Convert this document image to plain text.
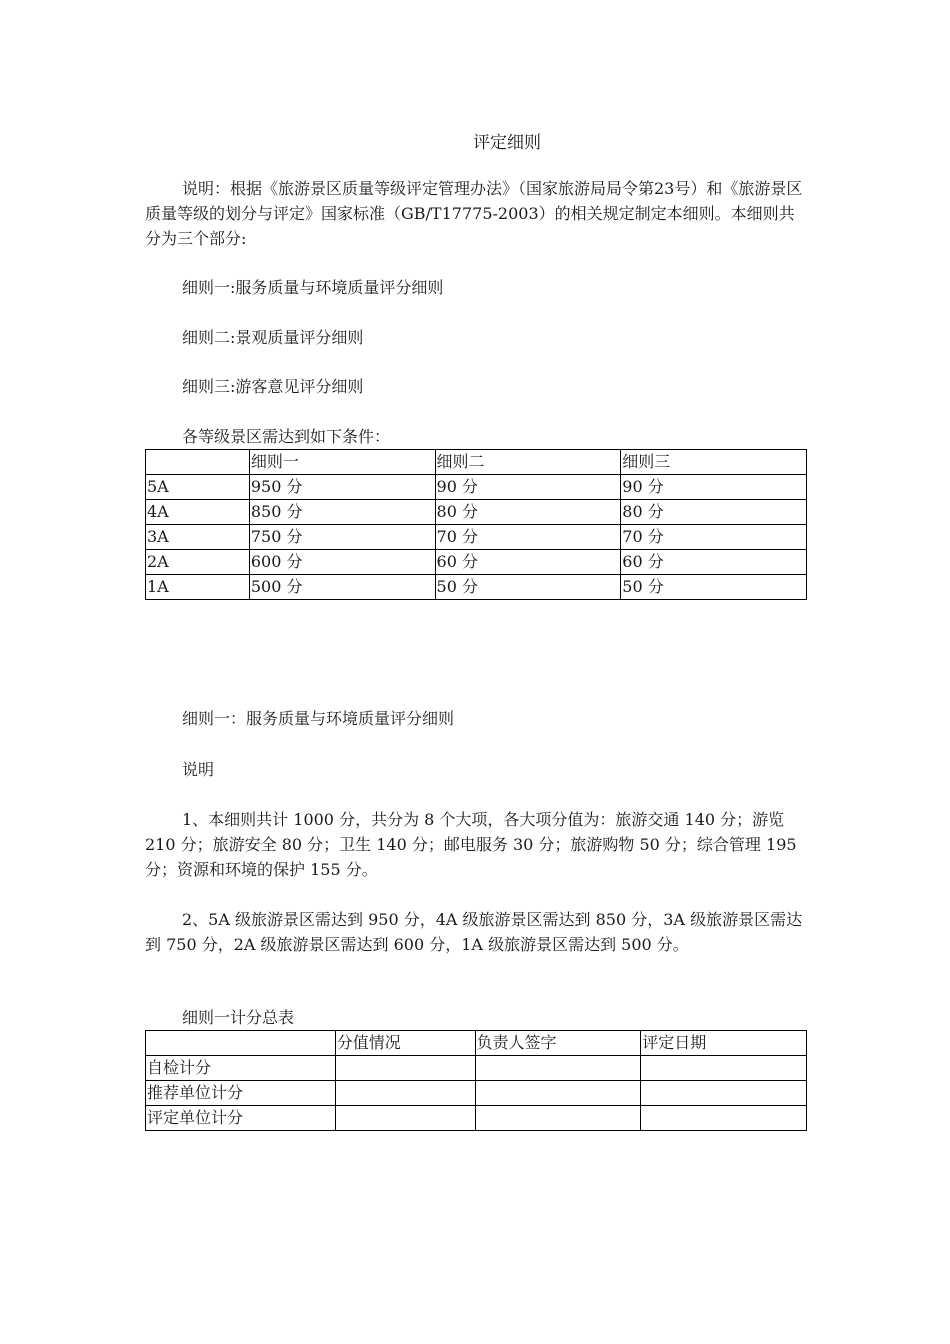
评定细则
说明：根据《旅游景区质量等级评定管理办法》（国家旅游局局令第23号）和《旅游景区质量等级的划分与评定》国家标准（GB/T17775-2003）的相关规定制定本细则。本细则共分为三个部分:
细则一:服务质量与环境质量评分细则
细则二:景观质量评分细则
细则三:游客意见评分细则
各等级景区需达到如下条件：
	细则一	细则二	细则三
5A	950 分	90 分	90 分
4A	850 分	80 分	80 分
3A	750 分	70 分	70 分
2A	600 分	60 分	60 分
1A	500 分	50 分	50 分
细则一：服务质量与环境质量评分细则
说明
1、本细则共计 1000 分，共分为 8 个大项，各大项分值为：旅游交通 140 分；游览 210 分；旅游安全 80 分；卫生 140 分；邮电服务 30 分；旅游购物 50 分；综合管理 195 分；资源和环境的保护 155 分。
2、5A 级旅游景区需达到 950 分，4A 级旅游景区需达到 850 分，3A 级旅游景区需达到 750 分，2A 级旅游景区需达到 600 分，1A 级旅游景区需达到 500 分。
细则一计分总表
	分值情况	负责人签字	评定日期
自检计分			
推荐单位计分			
评定单位计分			
